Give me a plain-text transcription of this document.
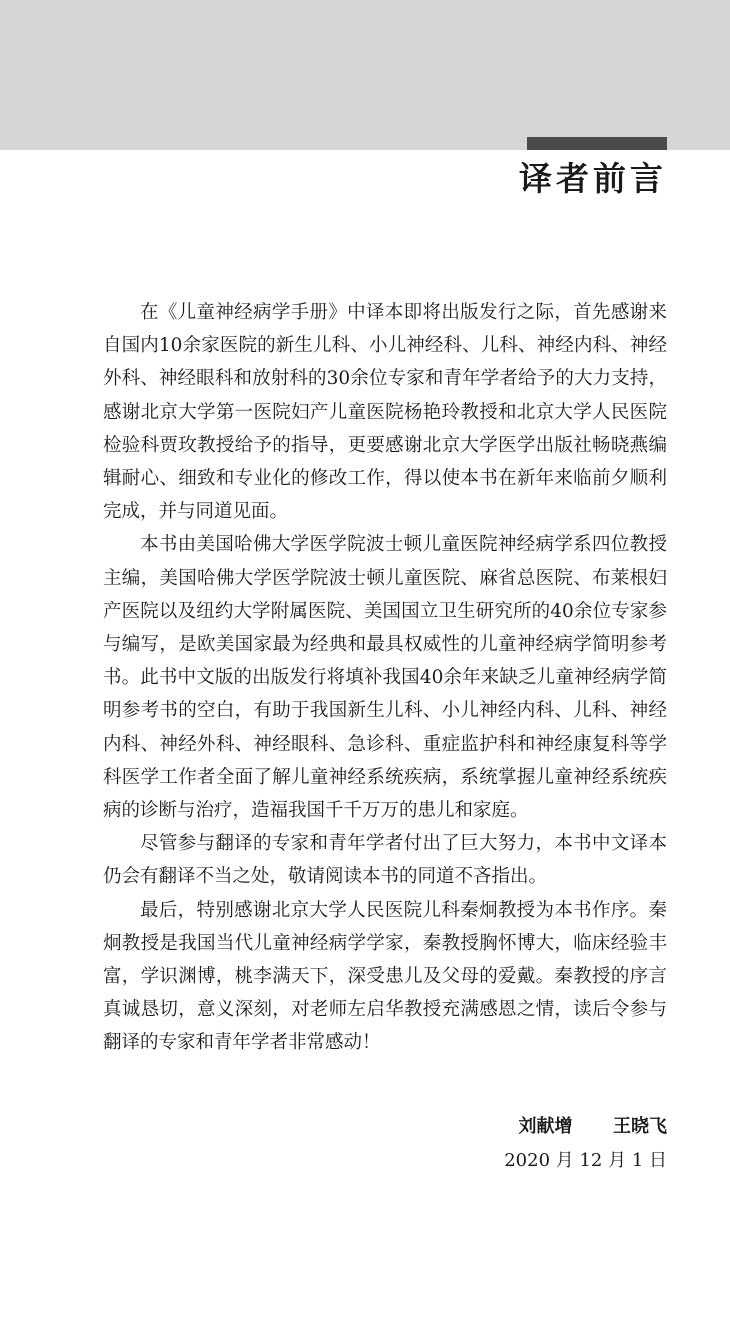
译者前言

在《儿童神经病学手册》中译本即将出版发行之际，首先感谢来自国内10余家医院的新生儿科、小儿神经科、儿科、神经内科、神经外科、神经眼科和放射科的30余位专家和青年学者给予的大力支持，感谢北京大学第一医院妇产儿童医院杨艳玲教授和北京大学人民医院检验科贾玫教授给予的指导，更要感谢北京大学医学出版社畅晓燕编辑耐心、细致和专业化的修改工作，得以使本书在新年来临前夕顺利完成，并与同道见面。

本书由美国哈佛大学医学院波士顿儿童医院神经病学系四位教授主编，美国哈佛大学医学院波士顿儿童医院、麻省总医院、布莱根妇产医院以及纽约大学附属医院、美国国立卫生研究所的40余位专家参与编写，是欧美国家最为经典和最具权威性的儿童神经病学简明参考书。此书中文版的出版发行将填补我国40余年来缺乏儿童神经病学简明参考书的空白，有助于我国新生儿科、小儿神经内科、儿科、神经内科、神经外科、神经眼科、急诊科、重症监护科和神经康复科等学科医学工作者全面了解儿童神经系统疾病，系统掌握儿童神经系统疾病的诊断与治疗，造福我国千千万万的患儿和家庭。

尽管参与翻译的专家和青年学者付出了巨大努力，本书中文译本仍会有翻译不当之处，敬请阅读本书的同道不吝指出。

最后，特别感谢北京大学人民医院儿科秦炯教授为本书作序。秦炯教授是我国当代儿童神经病学学家，秦教授胸怀博大，临床经验丰富，学识渊博，桃李满天下，深受患儿及父母的爱戴。秦教授的序言真诚恳切，意义深刻，对老师左启华教授充满感恩之情，读后令参与翻译的专家和青年学者非常感动！

刘献增  王晓飞
2020 月 12 月 1 日
